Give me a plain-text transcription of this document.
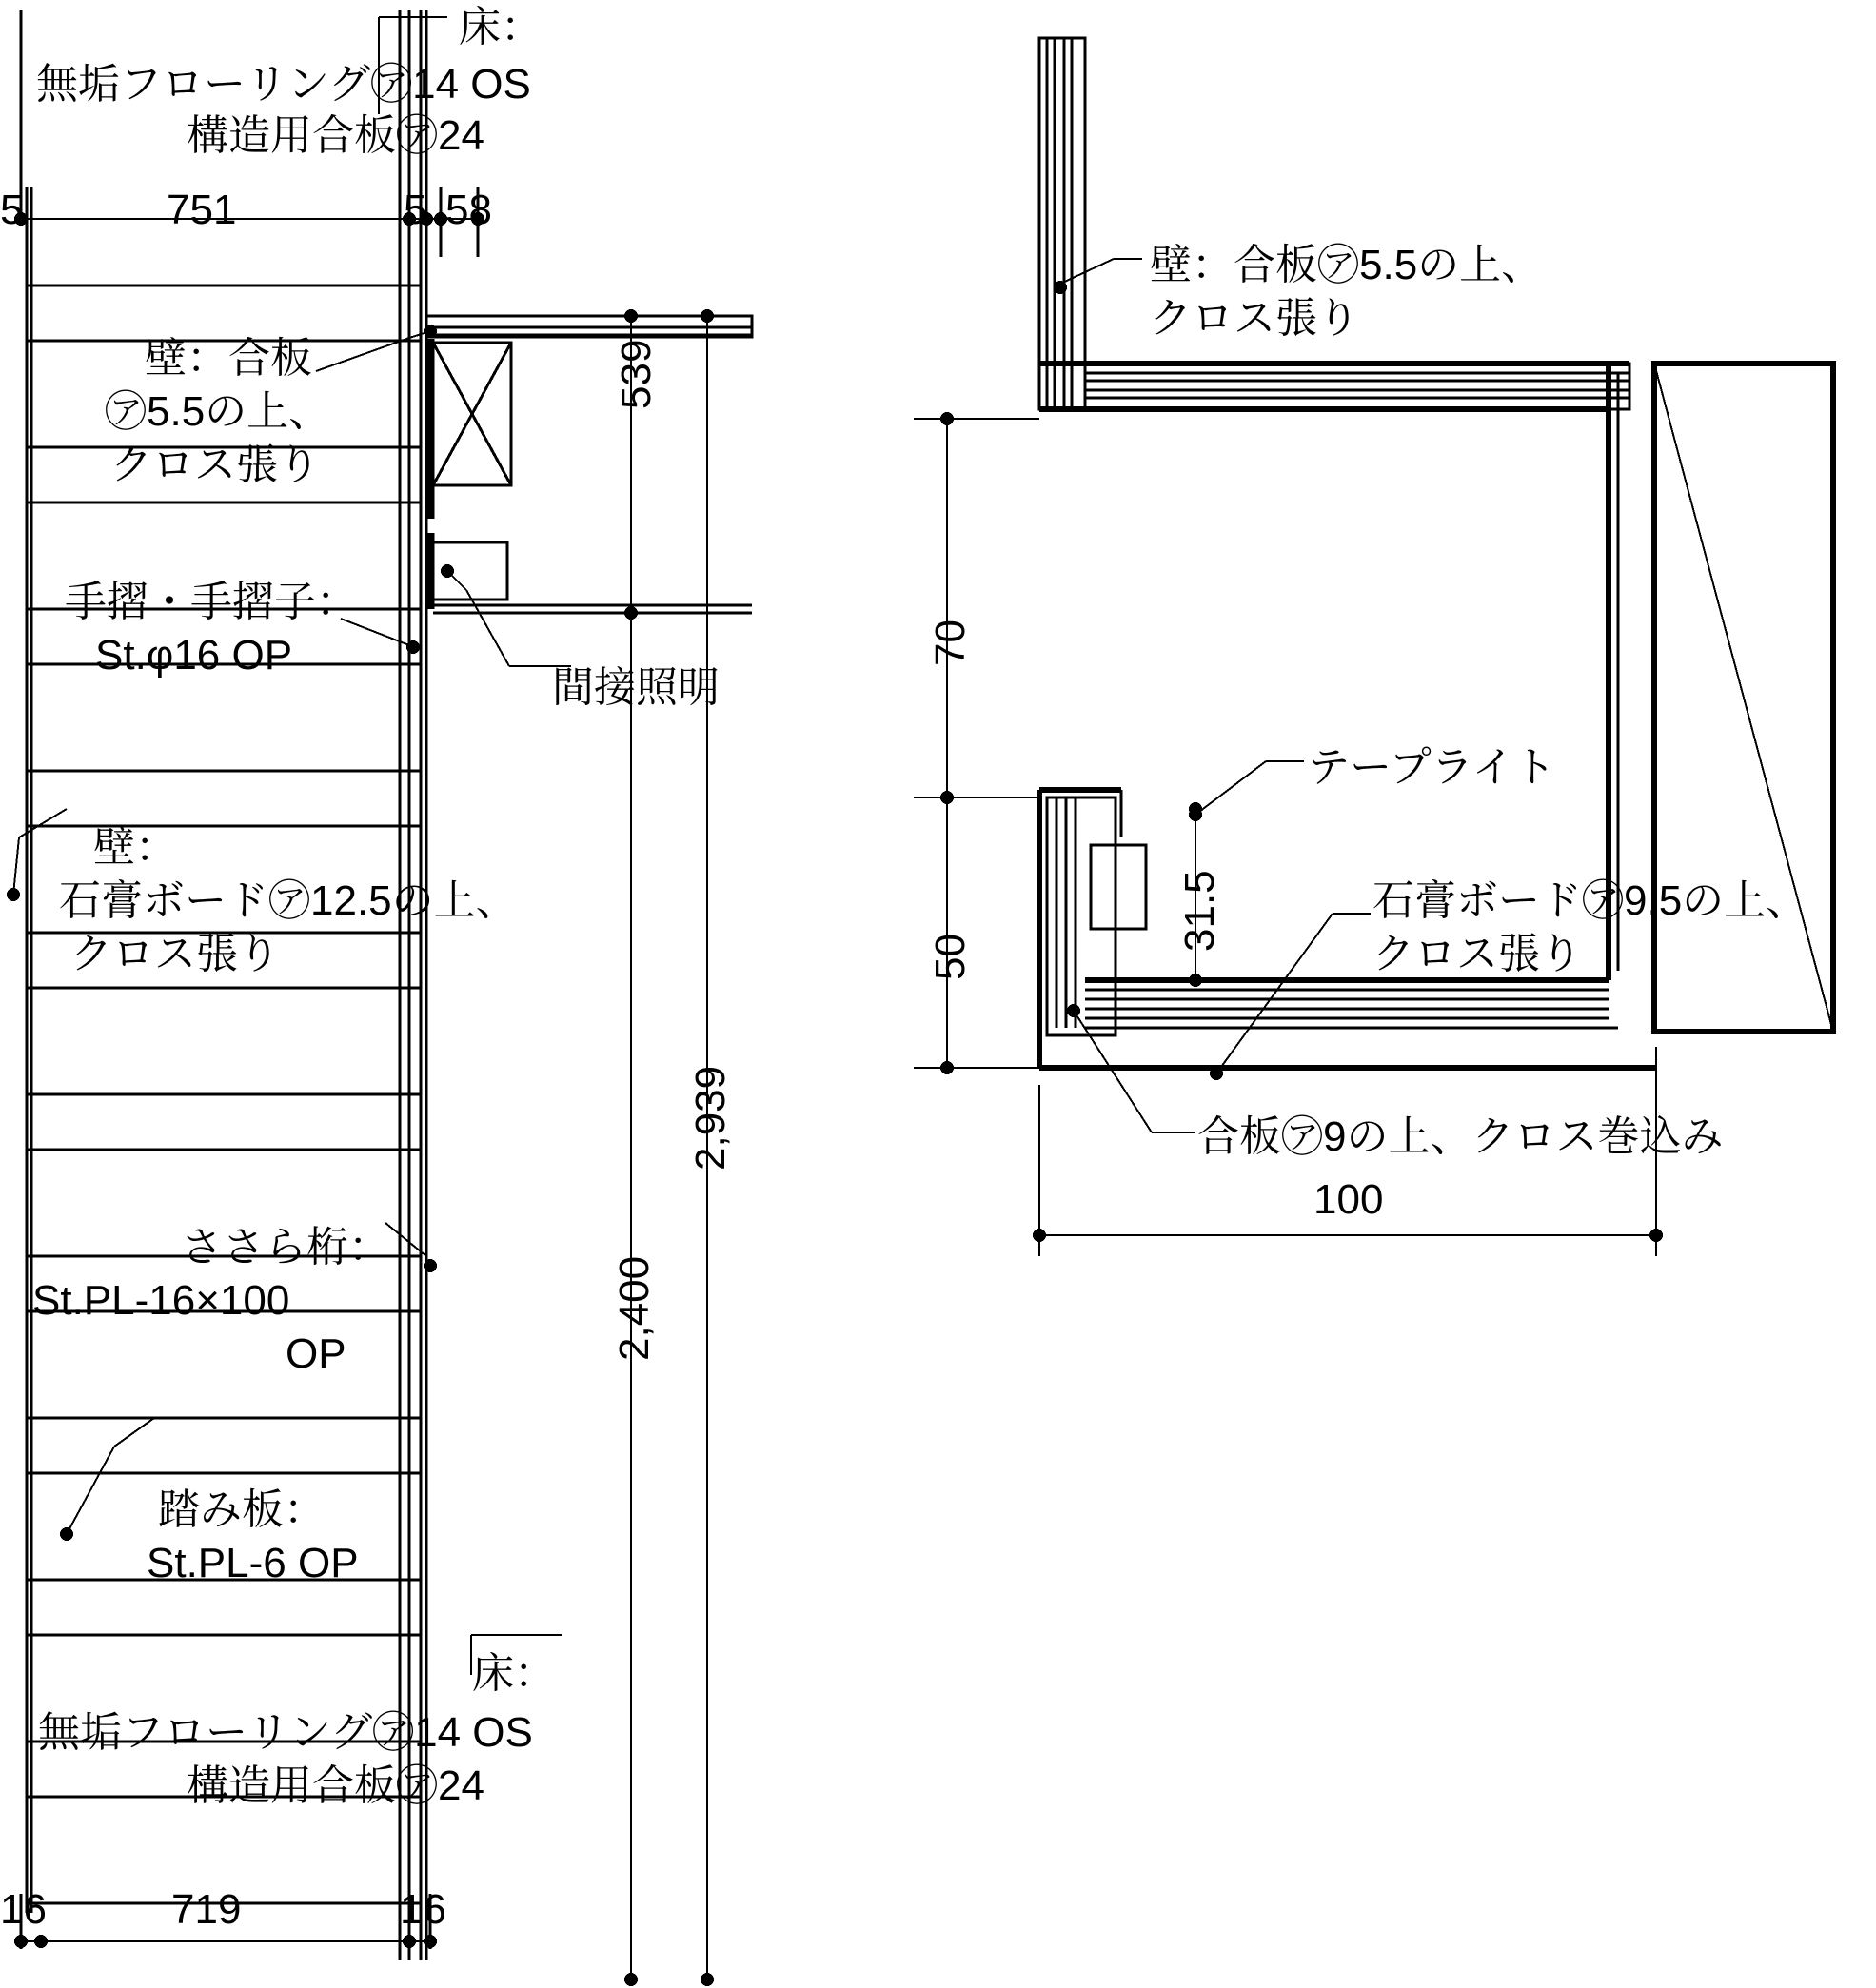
床：
無垢フローリング㋐14 OS
構造用合板㋐24
5	751	5 58
壁：合板
㋐5.5の上、
クロス張り
539
手摺・手摺子：
St.φ16 OP
間接照明
壁：
石膏ボード㋐12.5の上、
クロス張り
2,939
2,400
ささら桁：
St.PL-16×100
OP
踏み板：
St.PL-6 OP
床：
無垢フローリング㋐14 OS
構造用合板㋐24
16	719	16
壁：合板㋐5.5の上、
クロス張り
70
50
31.5
テープライト
石膏ボード㋐9.5の上、
クロス張り
合板㋐9の上、クロス巻込み
100
